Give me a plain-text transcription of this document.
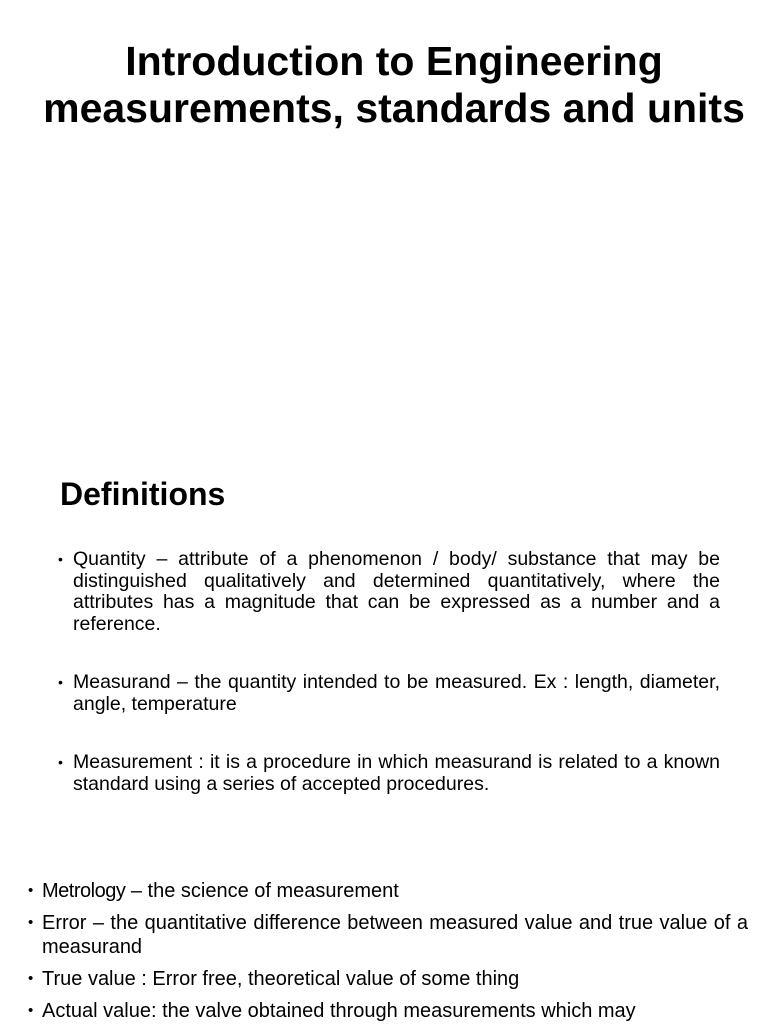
Introduction to Engineering measurements, standards and units
Definitions
• Quantity – attribute of a phenomenon / body/ substance that may be distinguished qualitatively and determined quantitatively, where the attributes has a magnitude that can be expressed as a number and a reference.
• Measurand – the quantity intended to be measured. Ex : length, diameter, angle, temperature
• Measurement : it is a procedure in which measurand is related to a known standard using a series of accepted procedures.
• Metrology – the science of measurement
• Error – the quantitative difference between measured value and true value of a measurand
• True value : Error free, theoretical value of some thing
• Actual value: the valve obtained through measurements which may
